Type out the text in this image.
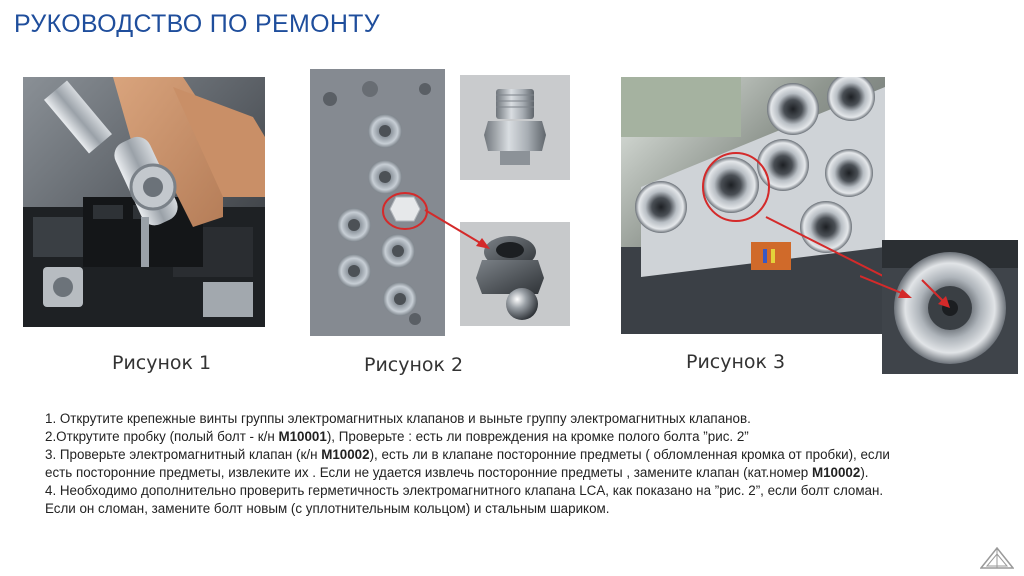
РУКОВОДСТВО ПО РЕМОНТУ
Рисунок 1	Рисунок 2	Рисунок 3

1. Открутите крепежные винты группы электромагнитных клапанов и выньте группу электромагнитных клапанов.

2.Открутите пробку (полый болт - к/н M10001), Проверьте : есть ли повреждения на кромке полого болта ”рис. 2”

3. Проверьте электромагнитный клапан (к/н M10002), есть ли в клапане посторонние предметы ( обломленная кромка от пробки), если есть посторонние предметы, извлеките их . Если не удается извлечь посторонние предметы , замените клапан (кат.номер M10002).

4. Необходимо дополнительно проверить герметичность электромагнитного клапана LCA, как показано на ”рис. 2”, если болт сломан. Если он сломан, замените болт новым (с уплотнительным кольцом) и стальным шариком.
